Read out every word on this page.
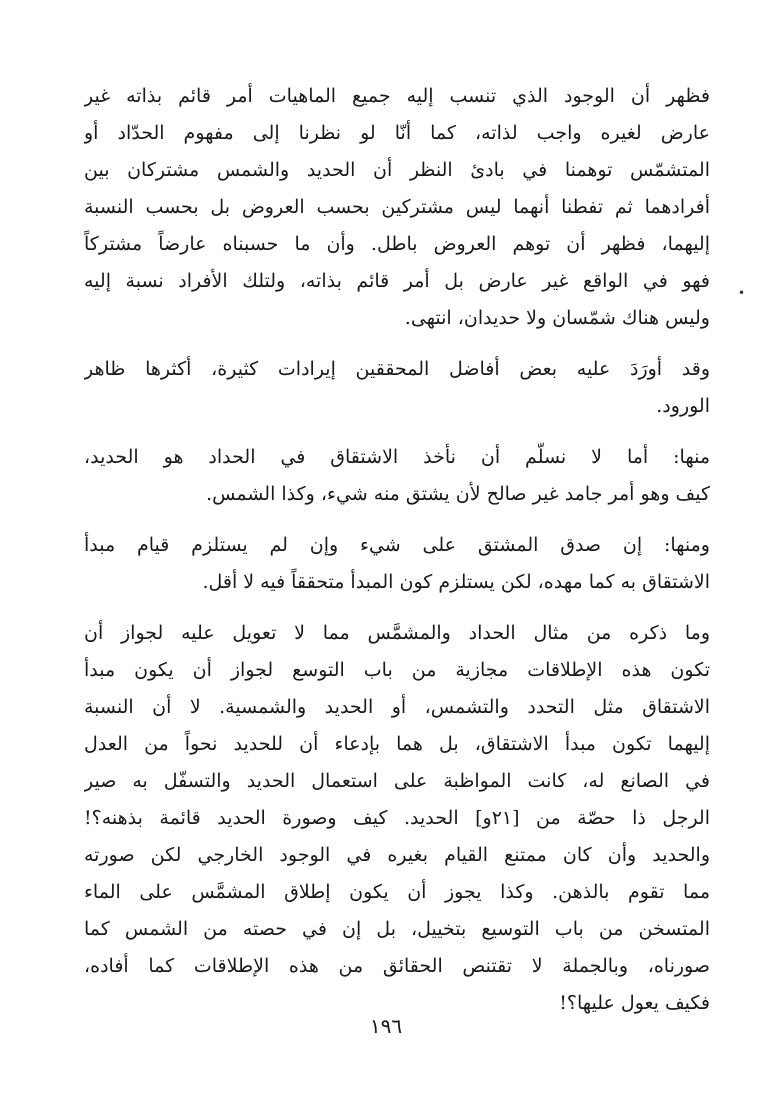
فظهر أن الوجود الذي تنسب إليه جميع الماهيات أمر قائم بذاته غير
عارض لغيره واجب لذاته، كما أنّا لو نظرنا إلى مفهوم الحدّاد أو
المتشمّس توهمنا في بادئ النظر أن الحديد والشمس مشتركان بين
أفرادهما ثم تفطنا أنهما ليس مشتركين بحسب العروض بل بحسب النسبة
إليهما، فظهر أن توهم العروض باطل. وأن ما حسبناه عارضاً مشتركاً
فهو في الواقع غير عارض بل أمر قائم بذاته، ولتلك الأفراد نسبة إليه
وليس هناك شمّسان ولا حديدان، انتهى.
وقد أورَدَ عليه بعض أفاضل المحققين إيرادات كثيرة، أكثرها ظاهر
الورود.
منها: أما لا نسلّم أن نأخذ الاشتقاق في الحداد هو الحديد،
كيف وهو أمر جامد غير صالح لأن يشتق منه شيء، وكذا الشمس.
ومنها: إن صدق المشتق على شيء وإن لم يستلزم قيام مبدأ
الاشتقاق به كما مهده، لكن يستلزم كون المبدأ متحققاً فيه لا أقل.
وما ذكره من مثال الحداد والمشمَّس مما لا تعويل عليه لجواز أن
تكون هذه الإطلاقات مجازية من باب التوسع لجواز أن يكون مبدأ
الاشتقاق مثل التحدد والتشمس، أو الحديد والشمسية. لا أن النسبة
إليهما تكون مبدأ الاشتقاق، بل هما بإدعاء أن للحديد نحواً من العدل
في الصانع له، كانت المواظبة على استعمال الحديد والتسفّل به صير
الرجل ذا حصّة من [٢١و] الحديد. كيف وصورة الحديد قائمة بذهنه؟!
والحديد وأن كان ممتنع القيام بغيره في الوجود الخارجي لكن صورته
مما تقوم بالذهن. وكذا يجوز أن يكون إطلاق المشمَّس على الماء
المتسخن من باب التوسيع بتخييل، بل إن في حصته من الشمس كما
صورناه، وبالجملة لا تقتنص الحقائق من هذه الإطلاقات كما أفاده،
فكيف يعول عليها؟!
•
١٩٦
